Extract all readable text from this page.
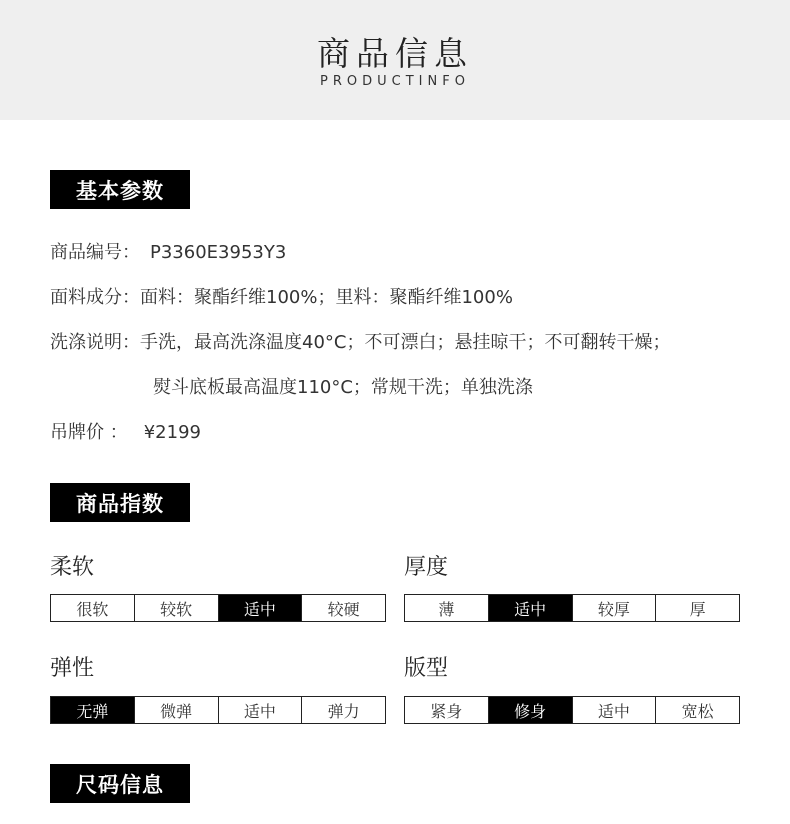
商品信息
PRODUCTINFO
基本参数
商品编号： P3360E3953Y3
面料成分：面料：聚酯纤维100%；里料：聚酯纤维100%
洗涤说明：手洗，最高洗涤温度40°C；不可漂白；悬挂晾干；不可翻转干燥；
熨斗底板最高温度110°C；常规干洗；单独洗涤
吊牌价 ： ¥2199
商品指数
柔软
很软	较软	适中	较硬
厚度
薄	适中	较厚	厚
弹性
无弹	微弹	适中	弹力
版型
紧身	修身	适中	宽松
尺码信息
